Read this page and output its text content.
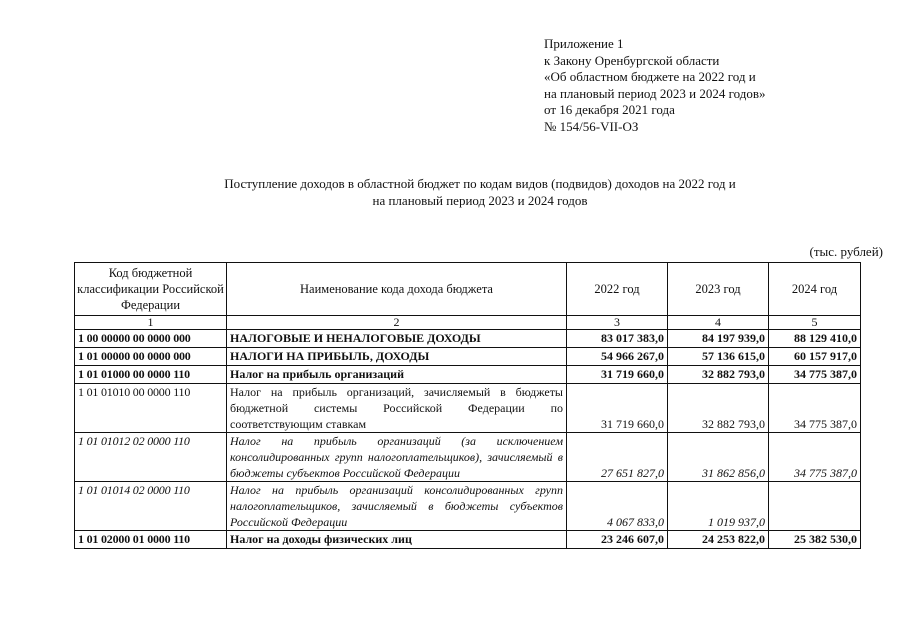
Приложение 1
к Закону Оренбургской области
«Об областном бюджете на 2022 год и
на плановый период 2023 и 2024 годов»
от 16 декабря 2021 года
№ 154/56-VII-ОЗ
Поступление доходов в областной бюджет по кодам видов (подвидов) доходов на 2022 год и
на плановый период 2023 и 2024 годов
(тыс. рублей)
Код бюджетной классификации Российской Федерации	Наименование кода дохода бюджета	2022 год	2023 год	2024 год
1	2	3	4	5
1 00 00000 00 0000 000	НАЛОГОВЫЕ И НЕНАЛОГОВЫЕ ДОХОДЫ	83 017 383,0	84 197 939,0	88 129 410,0
1 01 00000 00 0000 000	НАЛОГИ НА ПРИБЫЛЬ, ДОХОДЫ	54 966 267,0	57 136 615,0	60 157 917,0
1 01 01000 00 0000 110	Налог на прибыль организаций	31 719 660,0	32 882 793,0	34 775 387,0
1 01 01010 00 0000 110	Налог на прибыль организаций, зачисляемый в бюджеты бюджетной системы Российской Федерации по соответствующим ставкам	31 719 660,0	32 882 793,0	34 775 387,0
1 01 01012 02 0000 110	Налог на прибыль организаций (за исключением консолидированных групп налогоплательщиков), зачисляемый в бюджеты субъектов Российской Федерации	27 651 827,0	31 862 856,0	34 775 387,0
1 01 01014 02 0000 110	Налог на прибыль организаций консолидированных групп налогоплательщиков, зачисляемый в бюджеты субъектов Российской Федерации	4 067 833,0	1 019 937,0	
1 01 02000 01 0000 110	Налог на доходы физических лиц	23 246 607,0	24 253 822,0	25 382 530,0
